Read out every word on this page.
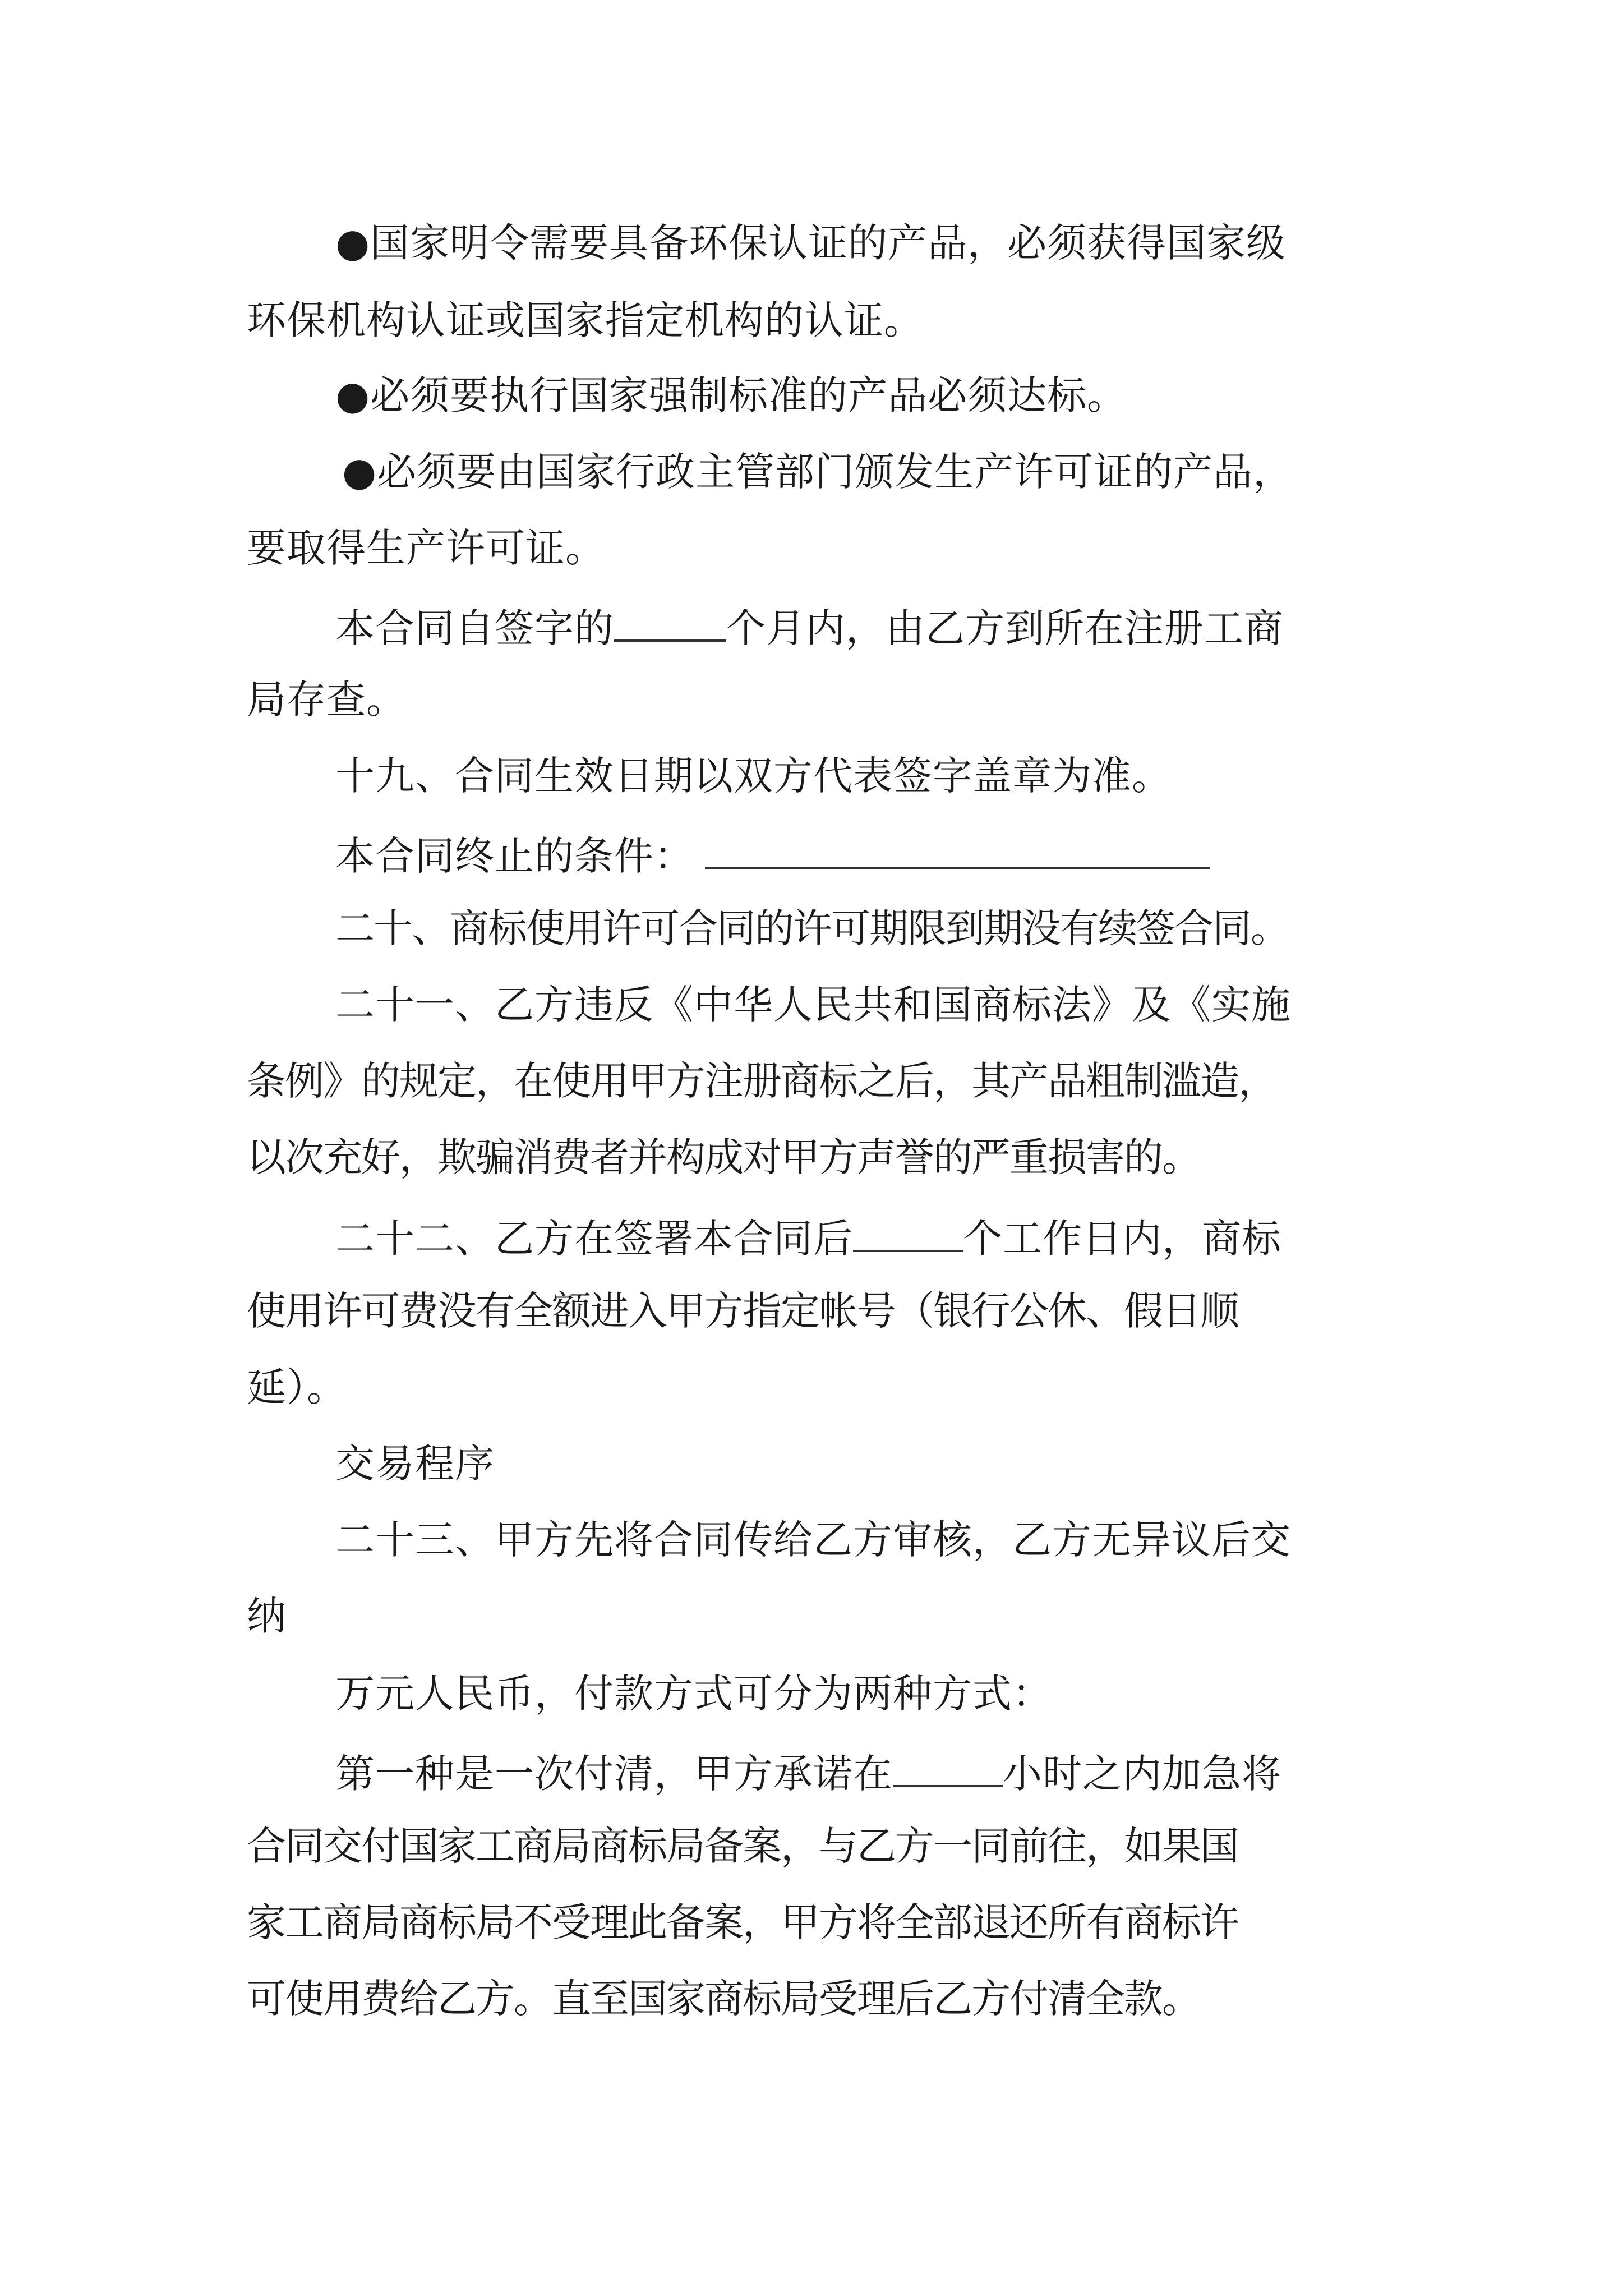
●国家明令需要具备环保认证的产品，必须获得国家级
环保机构认证或国家指定机构的认证。
●必须要执行国家强制标准的产品必须达标。
●必须要由国家行政主管部门颁发生产许可证的产品，
要取得生产许可证。
本合同自签字的	个月内，由乙方到所在注册工商
局存查。
十九、合同生效日期以双方代表签字盖章为准。
本合同终止的条件：
二十、商标使用许可合同的许可期限到期没有续签合同。
二十一、乙方违反《中华人民共和国商标法》及《实施
条例》的规定，在使用甲方注册商标之后，其产品粗制滥造，
以次充好，欺骗消费者并构成对甲方声誉的严重损害的。
二十二、乙方在签署本合同后	个工作日内，商标
使用许可费没有全额进入甲方指定帐号（银行公休、假日顺
延）。
交易程序
二十三、甲方先将合同传给乙方审核，乙方无异议后交
纳
万元人民币，付款方式可分为两种方式：
第一种是一次付清，甲方承诺在	小时之内加急将
合同交付国家工商局商标局备案，与乙方一同前往，如果国
家工商局商标局不受理此备案，甲方将全部退还所有商标许
可使用费给乙方。直至国家商标局受理后乙方付清全款。
